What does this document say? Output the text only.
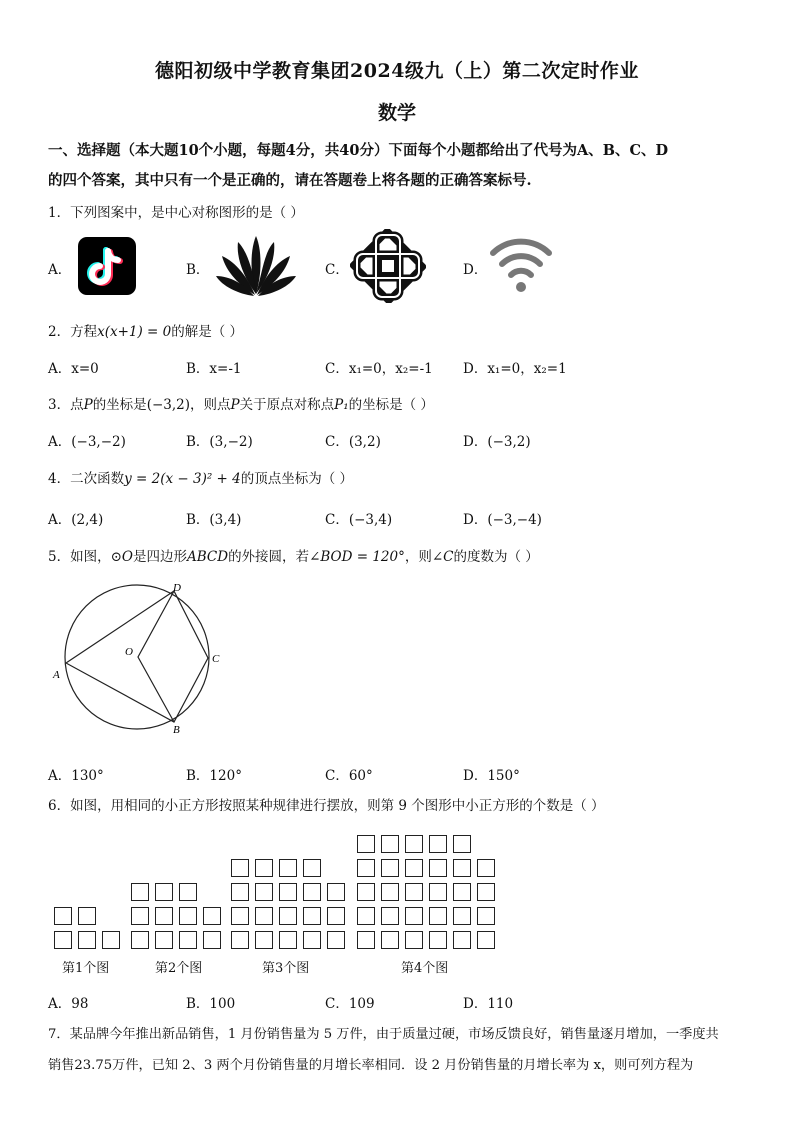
德阳初级中学教育集团2024级九（上）第二次定时作业
数学
一、选择题（本大题10个小题，每题4分，共40分）下面每个小题都给出了代号为A、B、C、D
的四个答案，其中只有一个是正确的，请在答题卷上将各题的正确答案标号.
1．下列图案中，是中心对称图形的是（ ）
A．	B．	C．	D．
2．方程x(x+1) = 0的解是（ ）
A．x=0	B．x=-1	C．x₁=0，x₂=-1 D．x₁=0，x₂=1
3．点P的坐标是(−3,2)，则点P关于原点对称点P₁的坐标是（ ）
A．(−3,−2)	B．(3,−2)	C．(3,2)	D．(−3,2)
4．二次函数y = 2(x − 3)² + 4的顶点坐标为（ ）
A．(2,4)	B．(3,4)	C．(−3,4)	D．(−3,−4)
5．如图，⊙O是四边形ABCD的外接圆，若∠BOD = 120°，则∠C的度数为（ ）
D
O
C
A
B
A．130°	B．120°	C．60°	D．150°
6．如图，用相同的小正方形按照某种规律进行摆放，则第 9 个图形中小正方形的个数是（ ）
第1个图	第2个图	第3个图	第4个图
A．98	B．100	C．109	D．110
7．某品牌今年推出新品销售，1 月份销售量为 5 万件，由于质量过硬，市场反馈良好，销售量逐月增加，一季度共
销售23.75万件，已知 2、3 两个月份销售量的月增长率相同．设 2 月份销售量的月增长率为 x，则可列方程为
